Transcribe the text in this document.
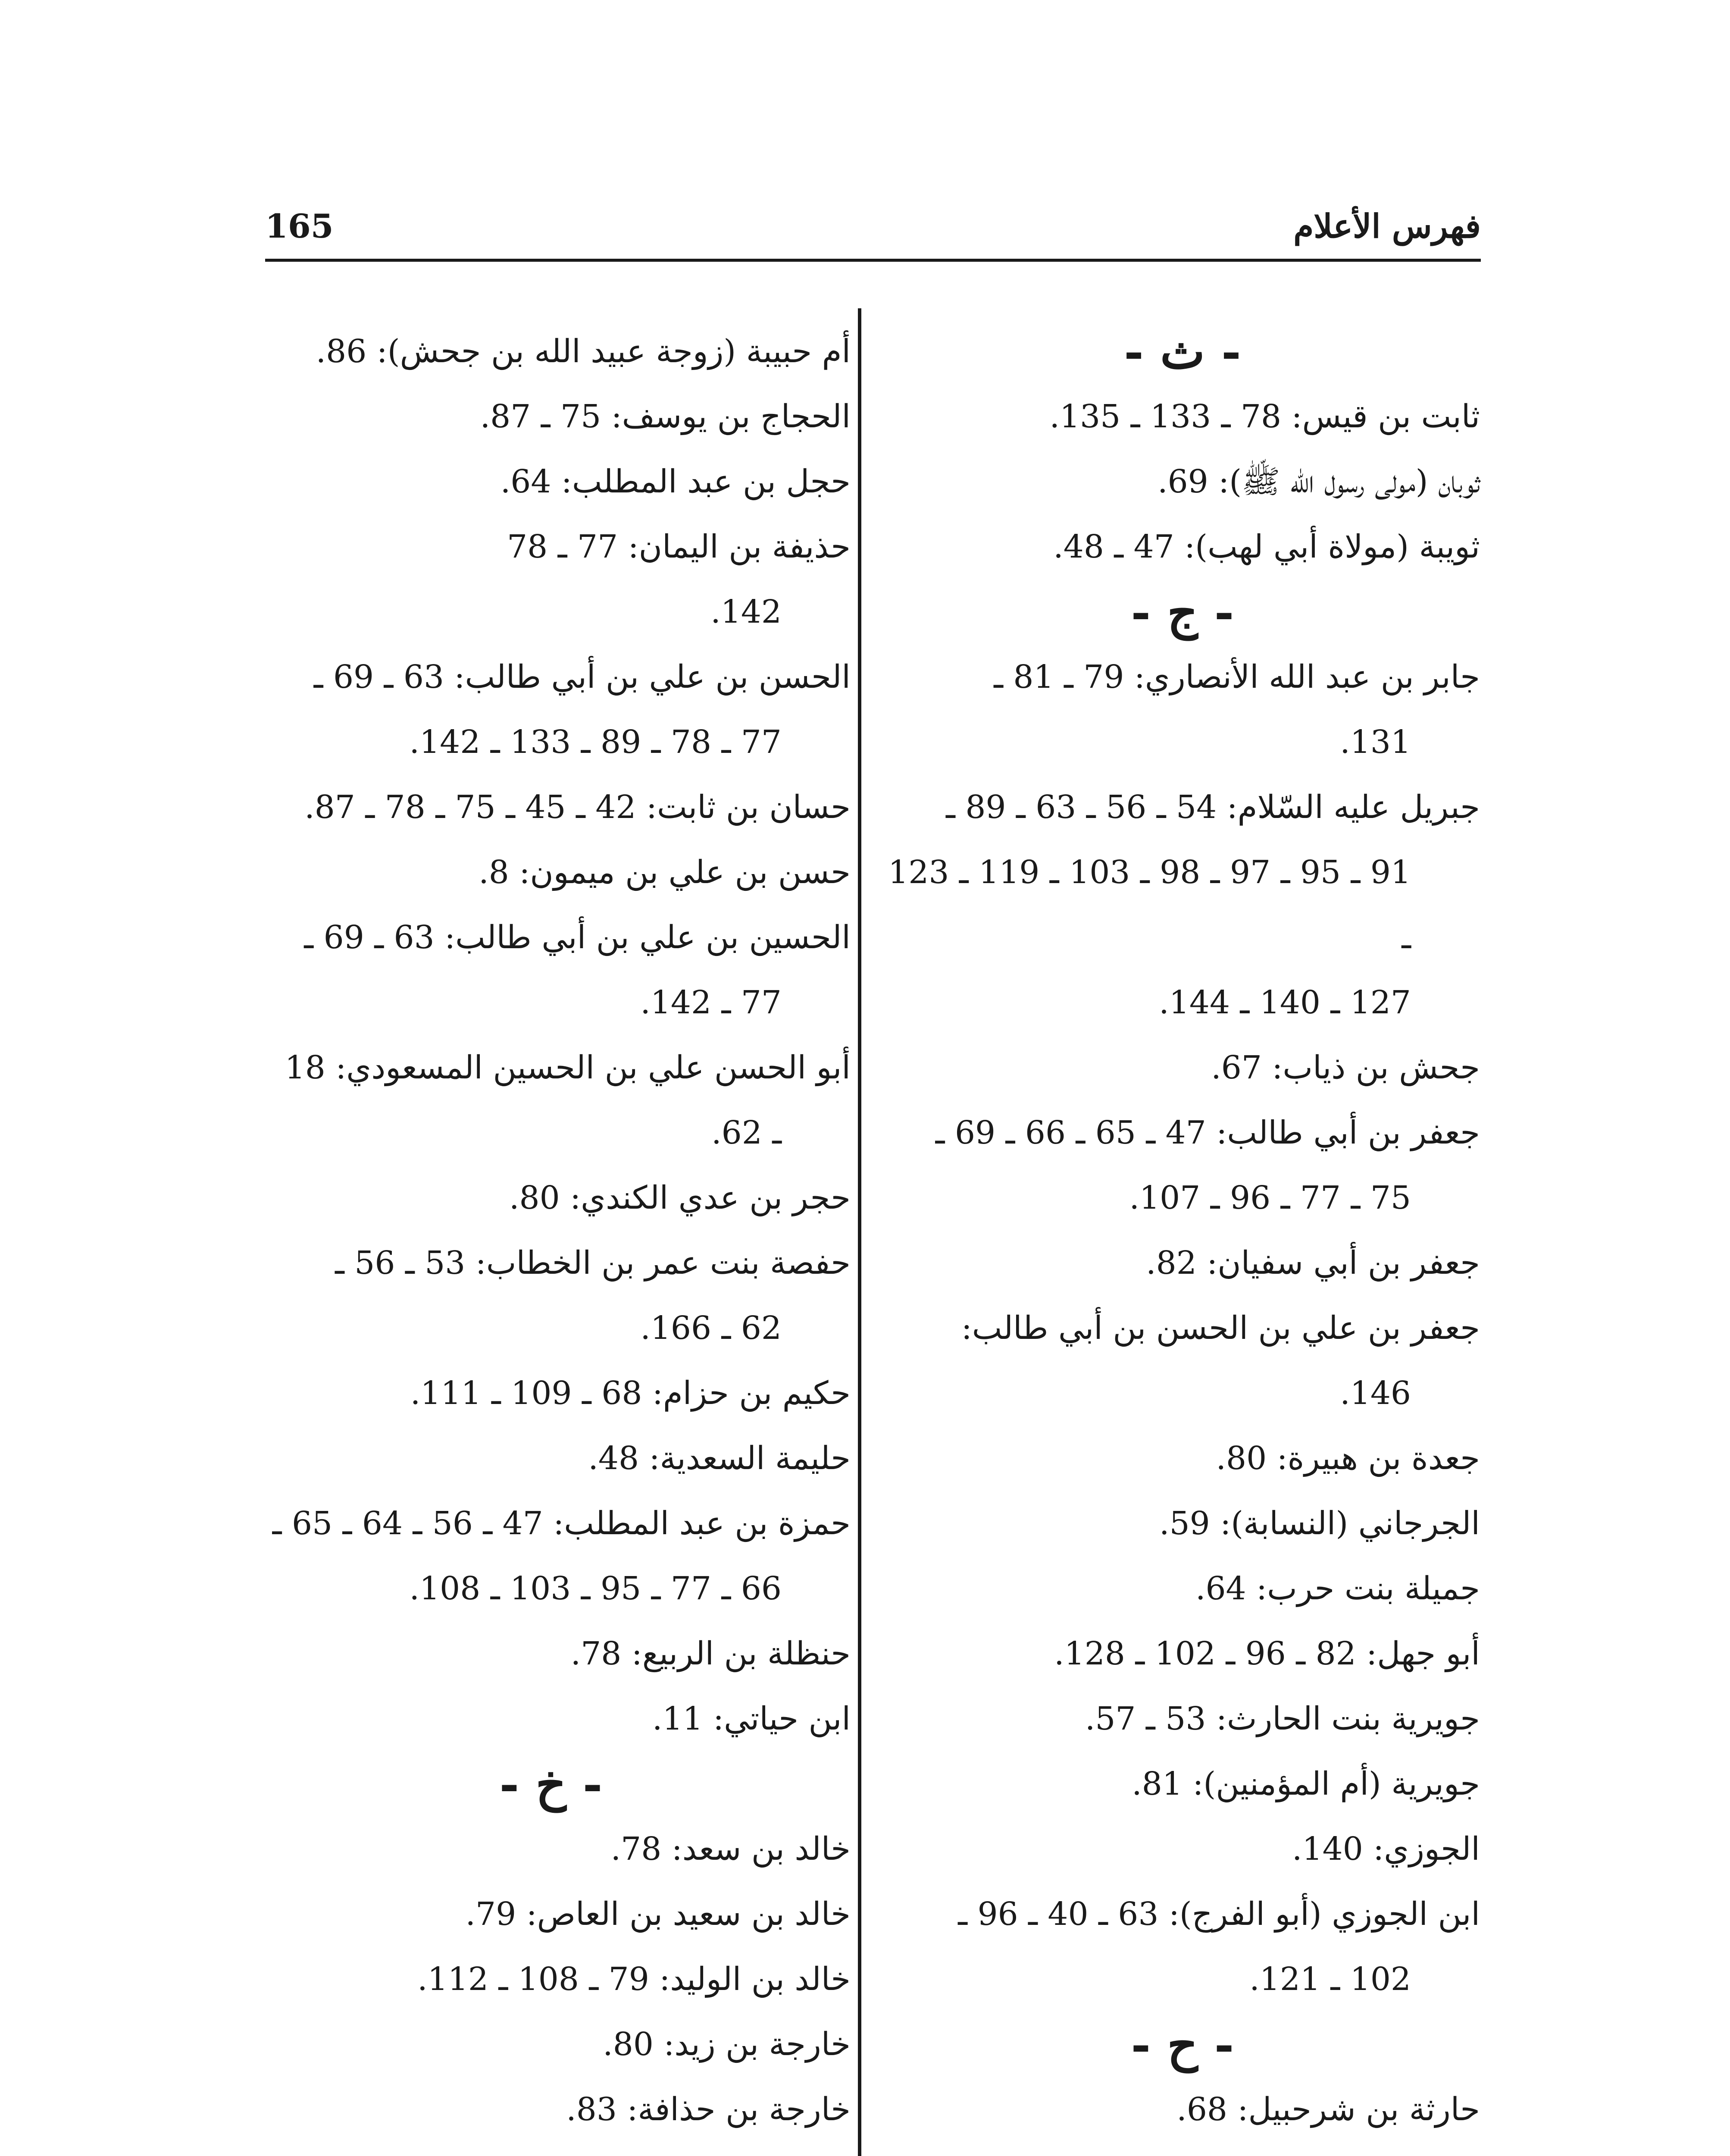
فهرس الأعلام
165
- ث -
ثابت بن قيس: 78 ـ 133 ـ 135.
ثوبان (مولى رسول الله ﷺ): 69.
ثويبة (مولاة أبي لهب): 47 ـ 48.
- ج -
جابر بن عبد الله الأنصاري: 79 ـ 81 ـ
131.
جبريل عليه السّلام: 54 ـ 56 ـ 63 ـ 89 ـ
91 ـ 95 ـ 97 ـ 98 ـ 103 ـ 119 ـ 123 ـ
127 ـ 140 ـ 144.
جحش بن ذياب: 67.
جعفر بن أبي طالب: 47 ـ 65 ـ 66 ـ 69 ـ
75 ـ 77 ـ 96 ـ 107.
جعفر بن أبي سفيان: 82.
جعفر بن علي بن الحسن بن أبي طالب:
146.
جعدة بن هبيرة: 80.
الجرجاني (النسابة): 59.
جميلة بنت حرب: 64.
أبو جهل: 82 ـ 96 ـ 102 ـ 128.
جويرية بنت الحارث: 53 ـ 57.
جويرية (أم المؤمنين): 81.
الجوزي: 140.
ابن الجوزي (أبو الفرج): 63 ـ 40 ـ 96 ـ
102 ـ 121.
- ح -
حارثة بن شرحبيل: 68.
أم حبيبة (زوجة عبيد الله بن جحش): 86.
الحجاج بن يوسف: 75 ـ 87.
حجل بن عبد المطلب: 64.
حذيفة بن اليمان: 77 ـ 78
142.
الحسن بن علي بن أبي طالب: 63 ـ 69 ـ
77 ـ 78 ـ 89 ـ 133 ـ 142.
حسان بن ثابت: 42 ـ 45 ـ 75 ـ 78 ـ 87.
حسن بن علي بن ميمون: 8.
الحسين بن علي بن أبي طالب: 63 ـ 69 ـ
77 ـ 142.
أبو الحسن علي بن الحسين المسعودي: 18
ـ 62.
حجر بن عدي الكندي: 80.
حفصة بنت عمر بن الخطاب: 53 ـ 56 ـ
62 ـ 166.
حكيم بن حزام: 68 ـ 109 ـ 111.
حليمة السعدية: 48.
حمزة بن عبد المطلب: 47 ـ 56 ـ 64 ـ 65 ـ
66 ـ 77 ـ 95 ـ 103 ـ 108.
حنظلة بن الربيع: 78.
ابن حياتي: 11.
- خ -
خالد بن سعد: 78.
خالد بن سعيد بن العاص: 79.
خالد بن الوليد: 79 ـ 108 ـ 112.
خارجة بن زيد: 80.
خارجة بن حذافة: 83.
